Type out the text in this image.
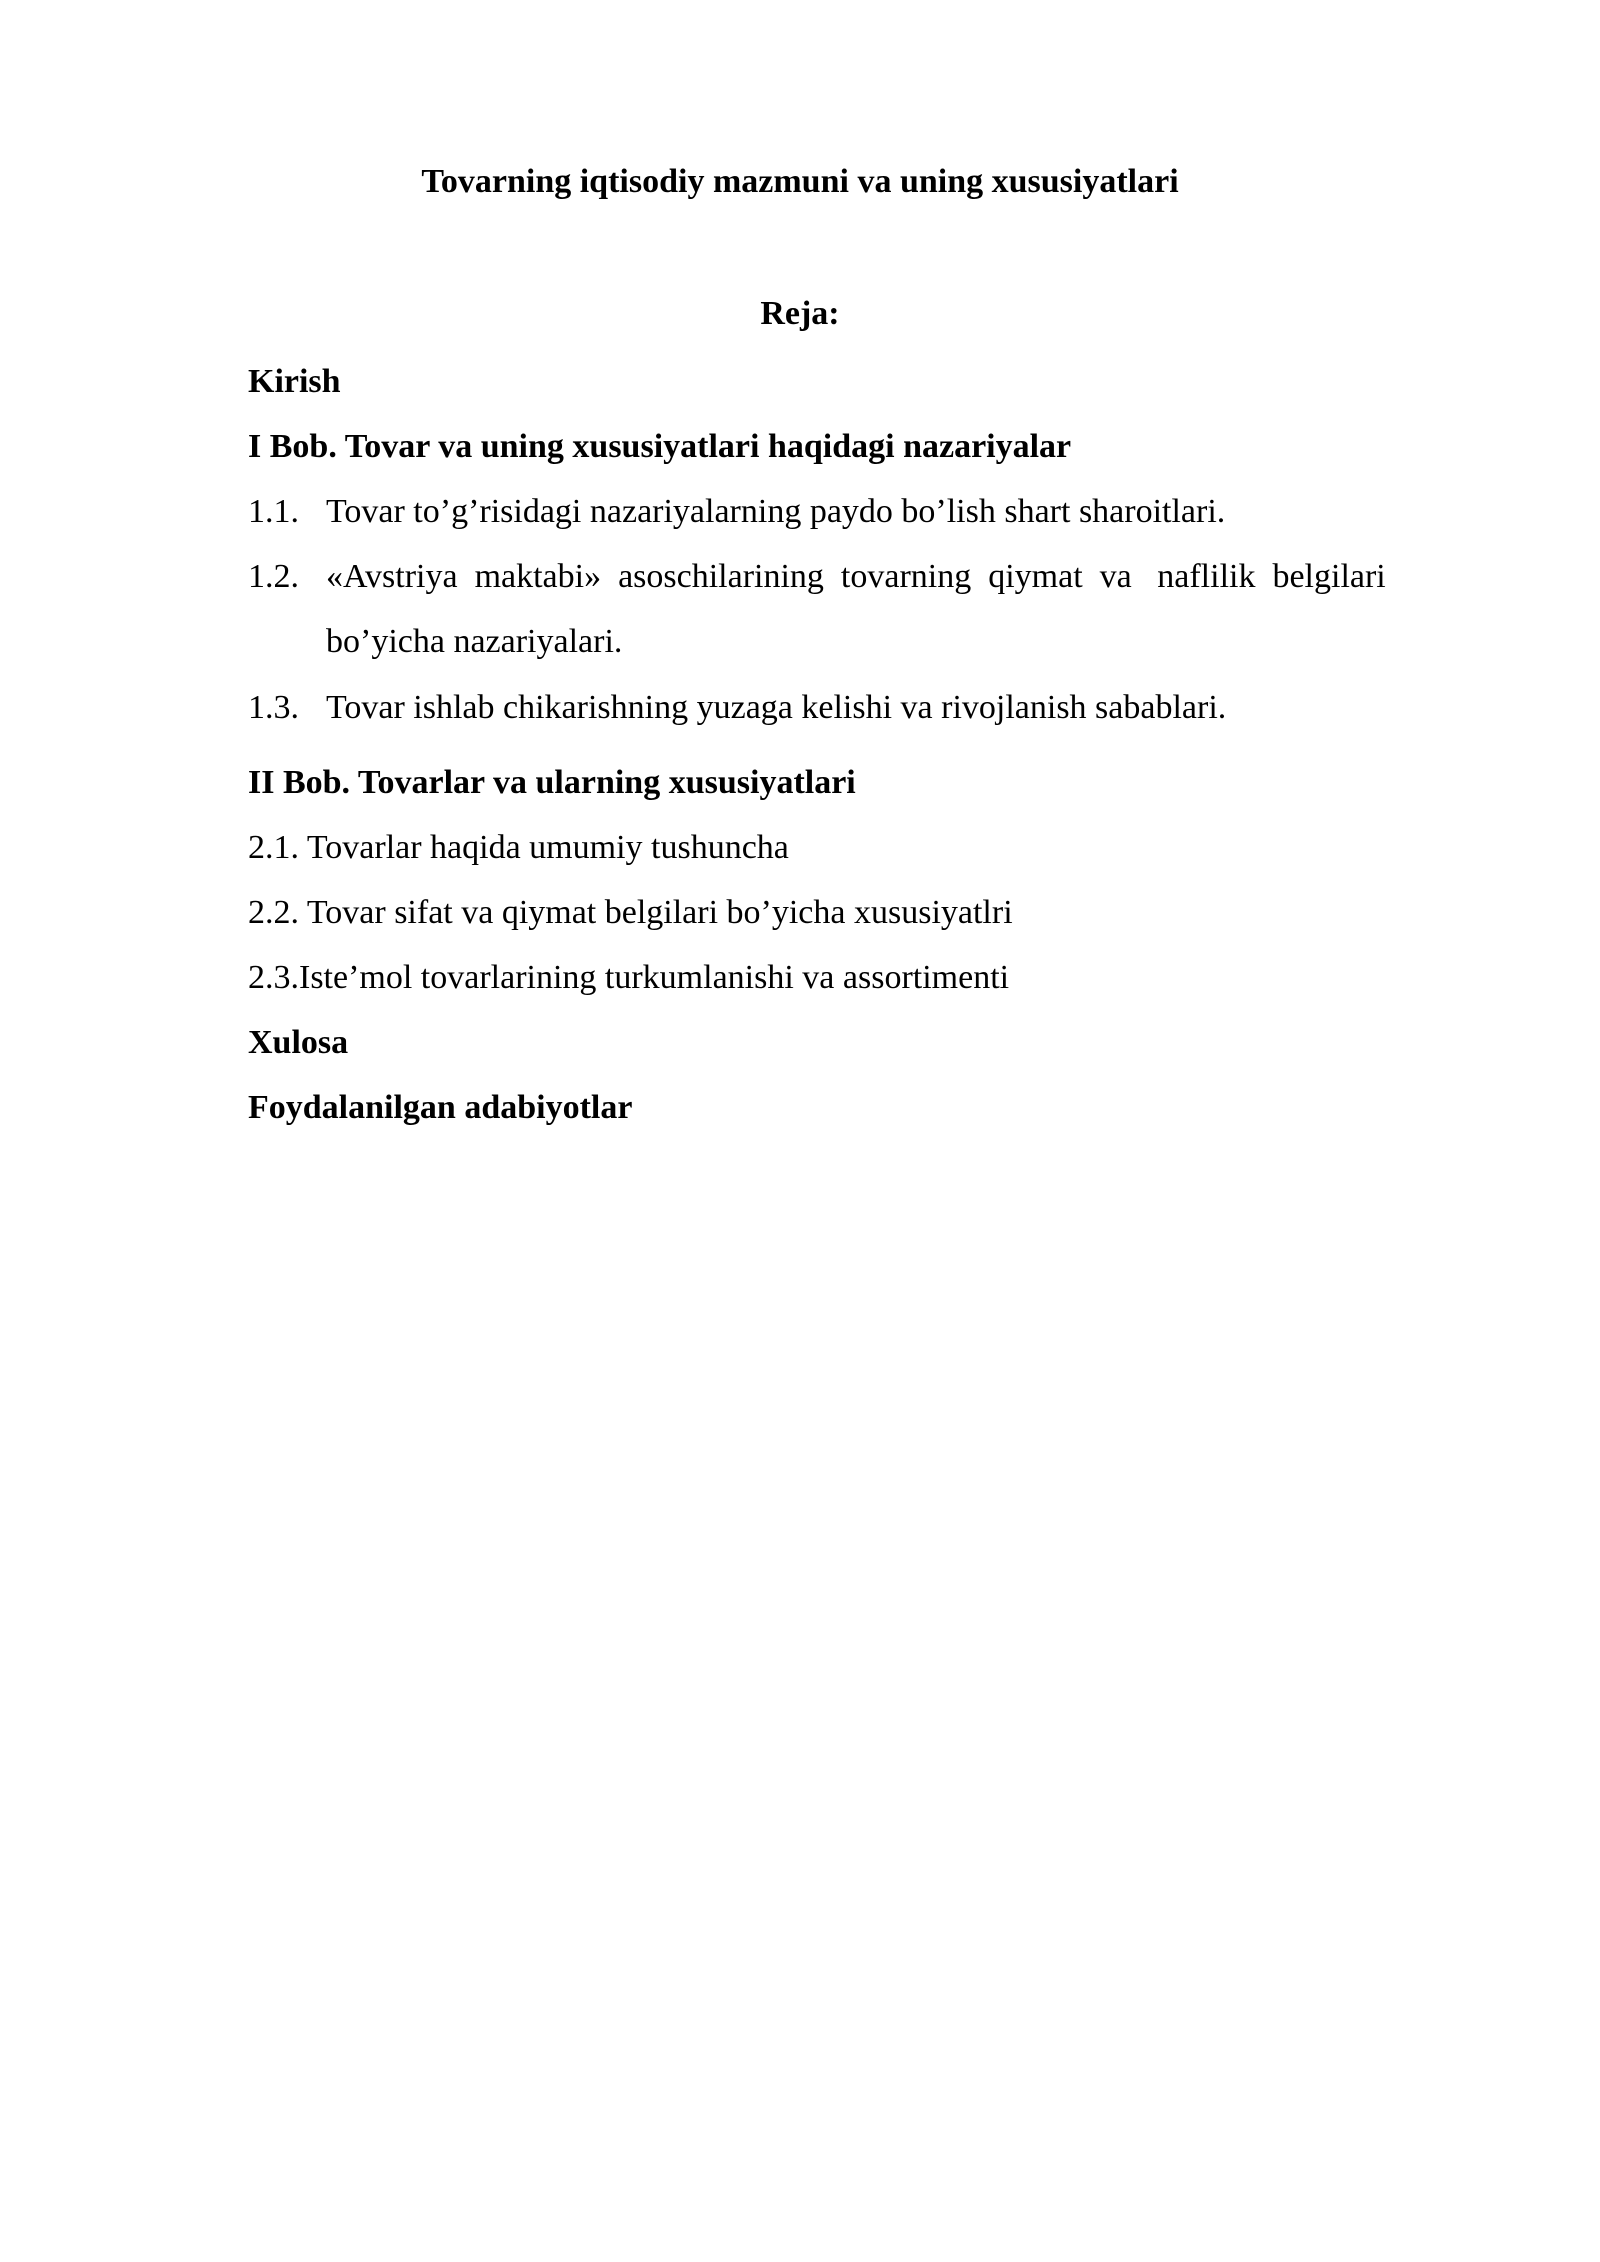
Tovarning iqtisodiy mazmuni va uning xususiyatlari
Reja:
Kirish
I Bob. Tovar va uning xususiyatlari haqidagi nazariyalar
1.1. Tovar to’g’risidagi nazariyalarning paydo bo’lish shart sharoitlari.
1.2. «Avstriya  maktabi»  asoschilarining  tovarning  qiymat  va   naflilik  belgilari
bo’yicha nazariyalari.
1.3. Tovar ishlab chikarishning yuzaga kelishi va rivojlanish sabablari.
II Bob. Tovarlar va ularning xususiyatlari
2.1. Tovarlar haqida umumiy tushuncha
2.2. Tovar sifat va qiymat belgilari bo’yicha xususiyatlri
2.3.Iste’mol tovarlarining turkumlanishi va assortimenti
Xulosa
Foydalanilgan adabiyotlar
